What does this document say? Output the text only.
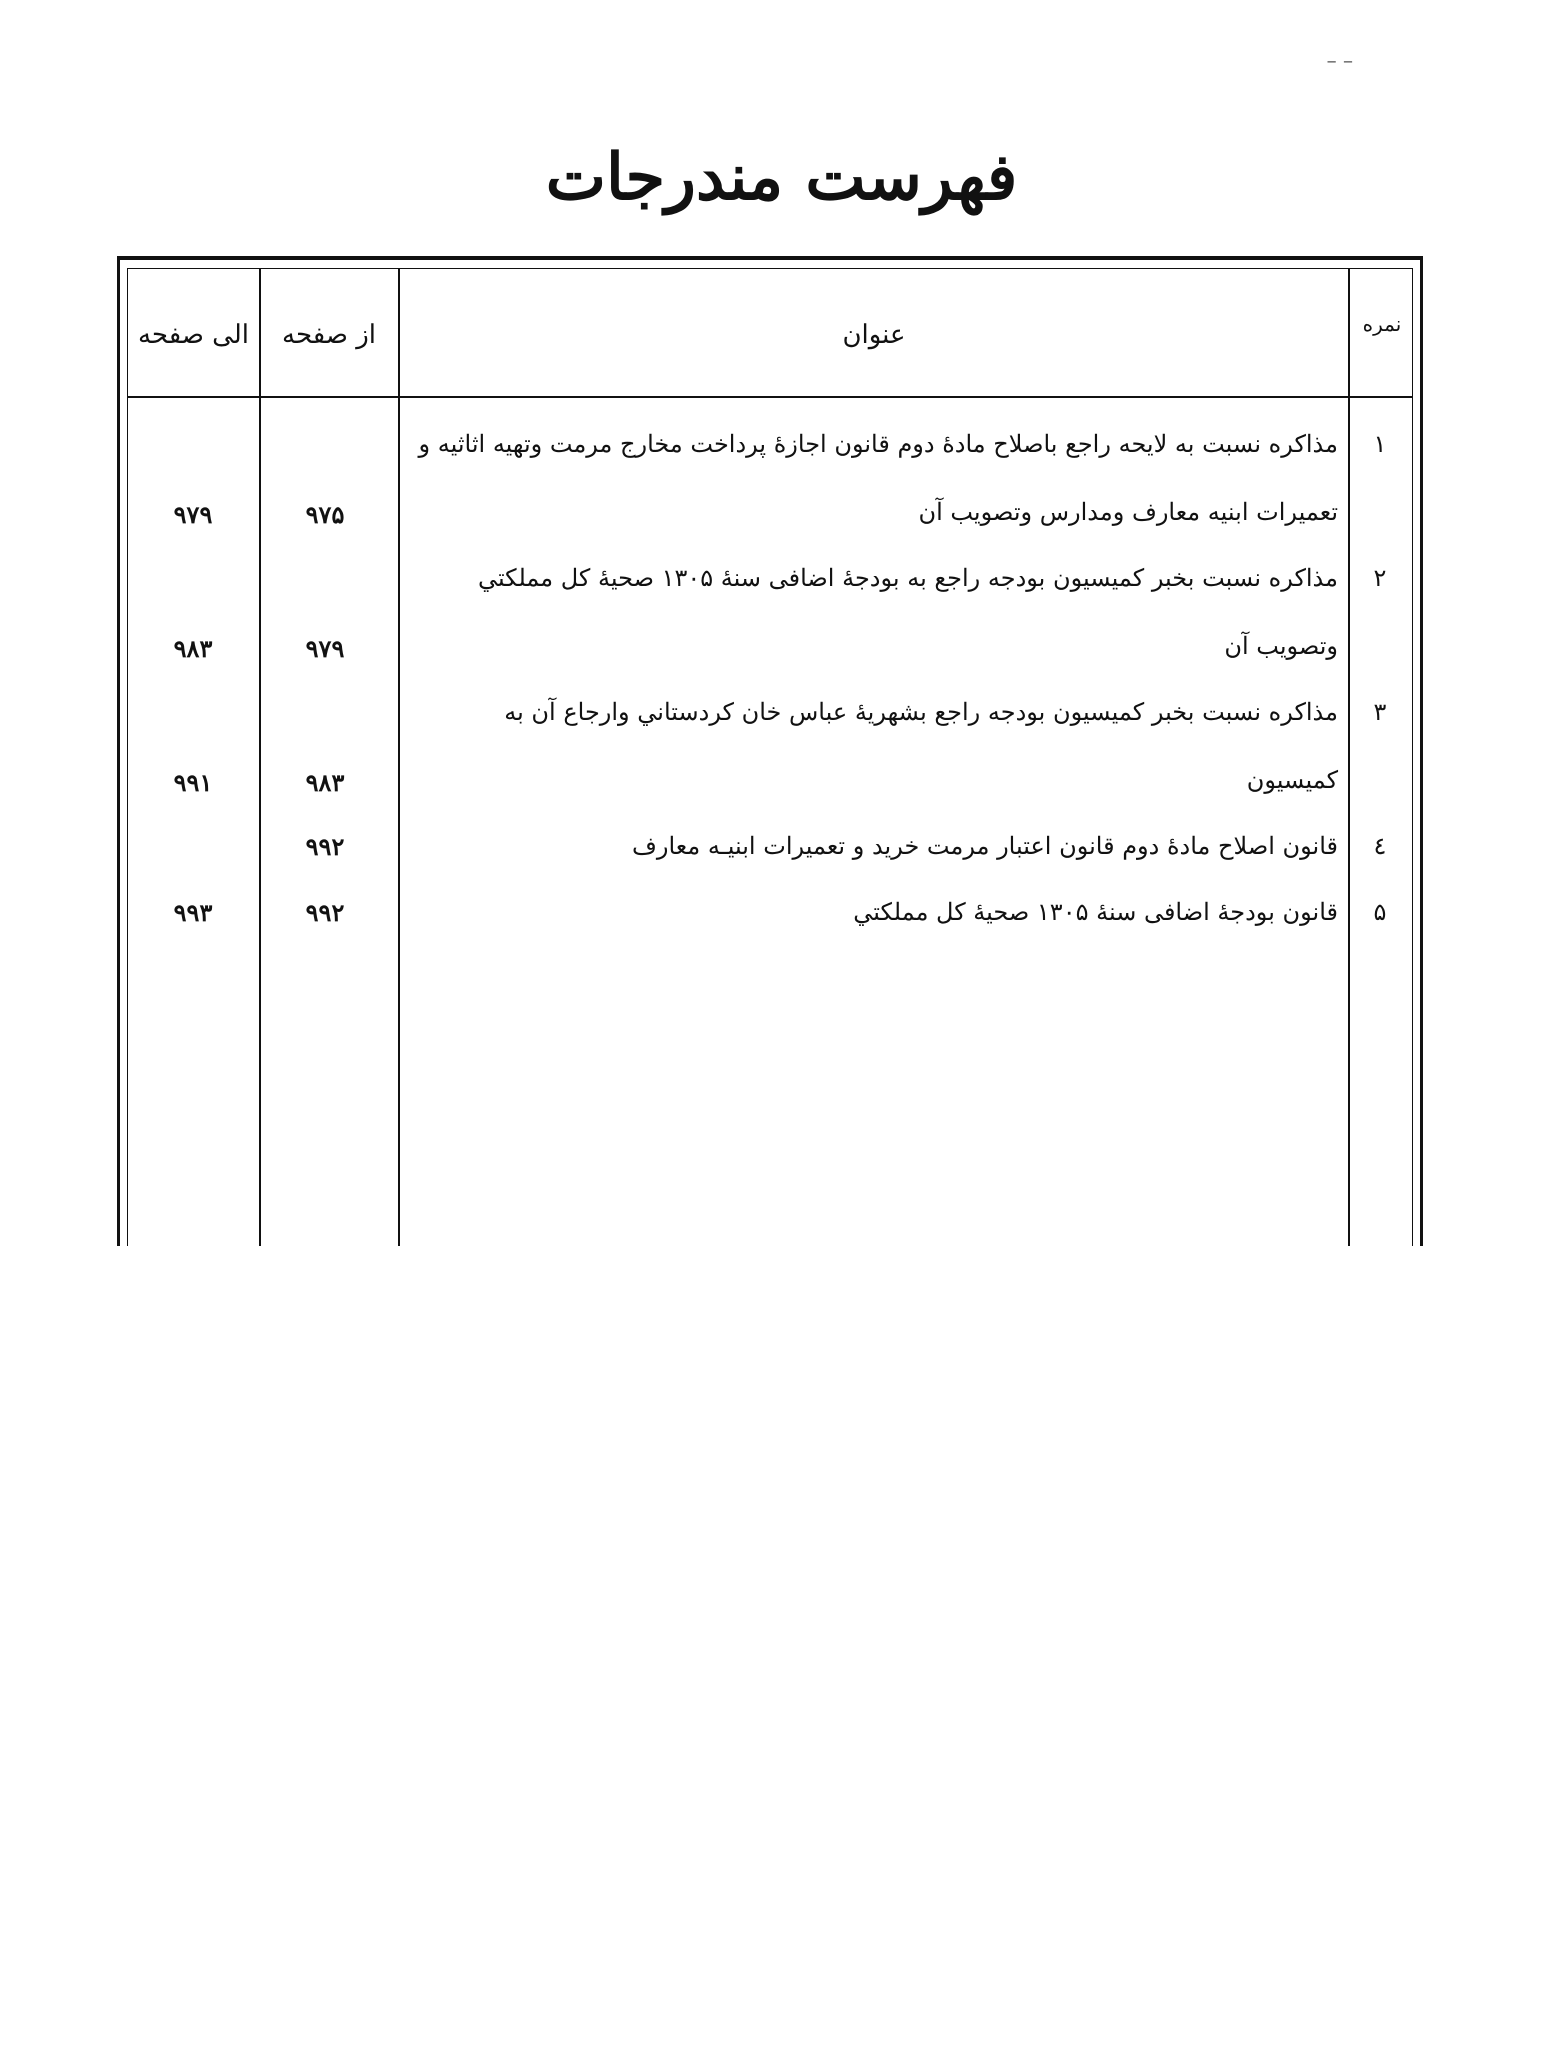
– –
فهرست مندرجات
نمره
عنوان
از صفحه
الی صفحه
۱
مذاكره نسبت به لايحه راجع باصلاح مادۀ دوم قانون اجازۀ پرداخت مخارج مرمت وتهيه اثاثيه و تعميرات ابنيه معارف ومدارس وتصويب آن
۹۷۵
۹۷۹
۲
مذاكره نسبت بخبر كميسيون بودجه راجع به بودجۀ اضافى سنۀ ۱۳۰۵ صحيۀ كل مملكتي وتصويب آن
۹۷۹
۹۸۳
۳
مذاكره نسبت بخبر كميسيون بودجه راجع بشهريۀ عباس خان كردستاني وارجاع آن به كميسيون
۹۸۳
۹۹۱
٤
قانون اصلاح مادۀ دوم قانون اعتبار مرمت خريد و تعميرات ابنيـه معارف
۹۹۲
۵
قانون بودجۀ اضافى سنۀ ۱۳۰۵ صحيۀ كل مملكتي
۹۹۲
۹۹۳
